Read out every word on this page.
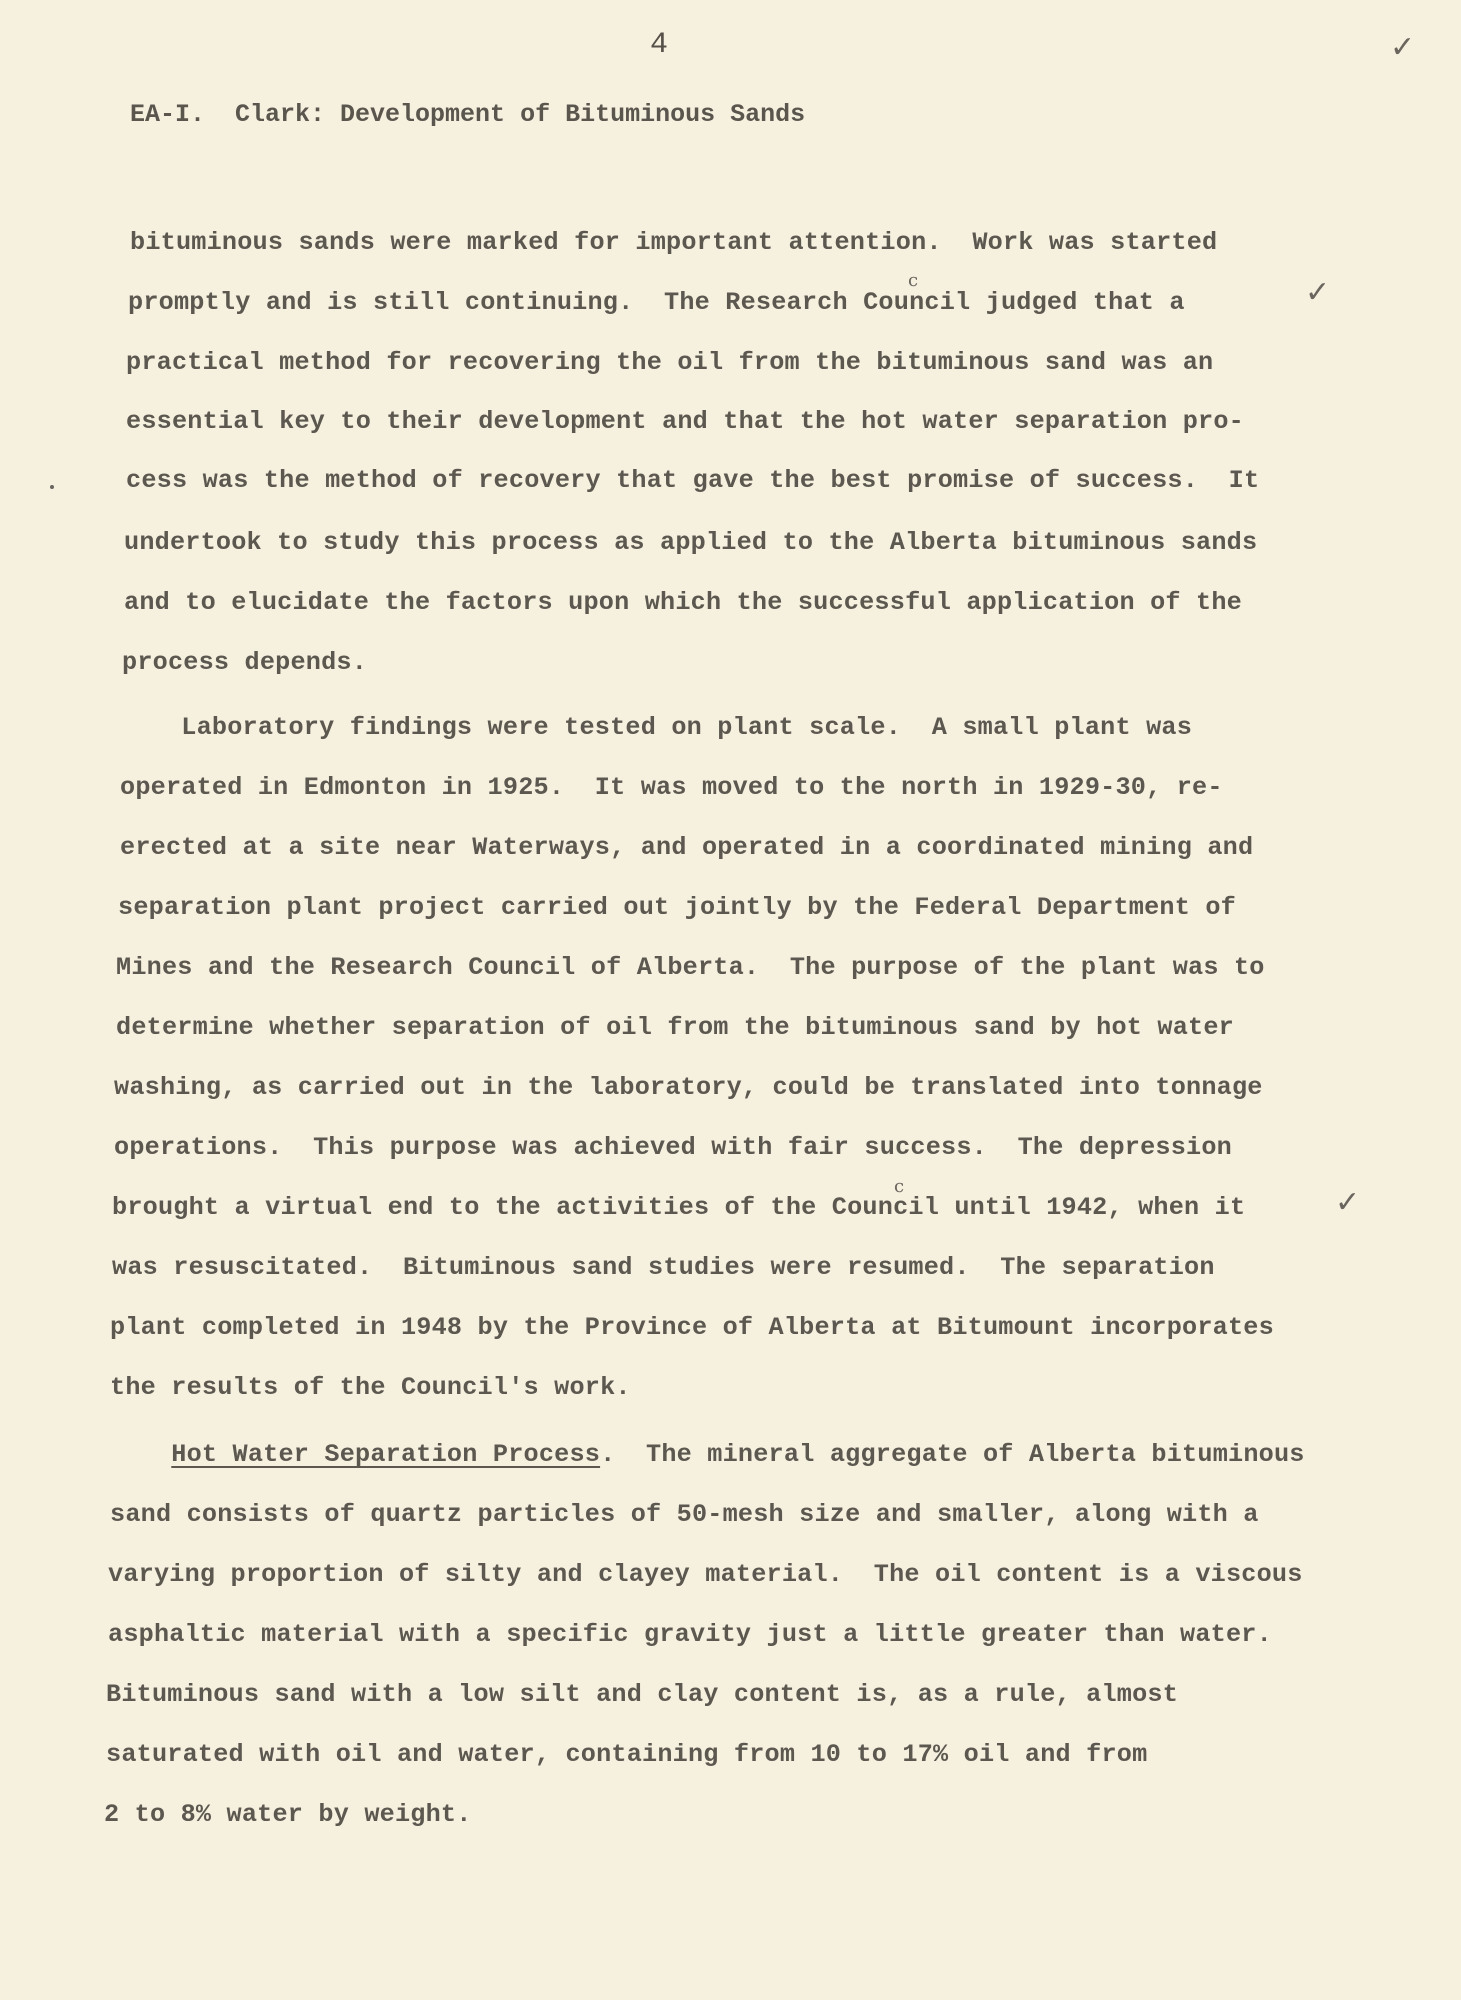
4
EA-I.  Clark: Development of Bituminous Sands
✓
✓
✓
c
c
bituminous sands were marked for important attention.  Work was started
promptly and is still continuing.  The Research Council judged that a
practical method for recovering the oil from the bituminous sand was an
essential key to their development and that the hot water separation pro-
cess was the method of recovery that gave the best promise of success.  It
undertook to study this process as applied to the Alberta bituminous sands
and to elucidate the factors upon which the successful application of the
process depends.
Laboratory findings were tested on plant scale.  A small plant was
operated in Edmonton in 1925.  It was moved to the north in 1929-30, re-
erected at a site near Waterways, and operated in a coordinated mining and
separation plant project carried out jointly by the Federal Department of
Mines and the Research Council of Alberta.  The purpose of the plant was to
determine whether separation of oil from the bituminous sand by hot water
washing, as carried out in the laboratory, could be translated into tonnage
operations.  This purpose was achieved with fair success.  The depression
brought a virtual end to the activities of the Council until 1942, when it
was resuscitated.  Bituminous sand studies were resumed.  The separation
plant completed in 1948 by the Province of Alberta at Bitumount incorporates
the results of the Council's work.
Hot Water Separation Process.  The mineral aggregate of Alberta bituminous
sand consists of quartz particles of 50-mesh size and smaller, along with a
varying proportion of silty and clayey material.  The oil content is a viscous
asphaltic material with a specific gravity just a little greater than water.
Bituminous sand with a low silt and clay content is, as a rule, almost
saturated with oil and water, containing from 10 to 17% oil and from
2 to 8% water by weight.
